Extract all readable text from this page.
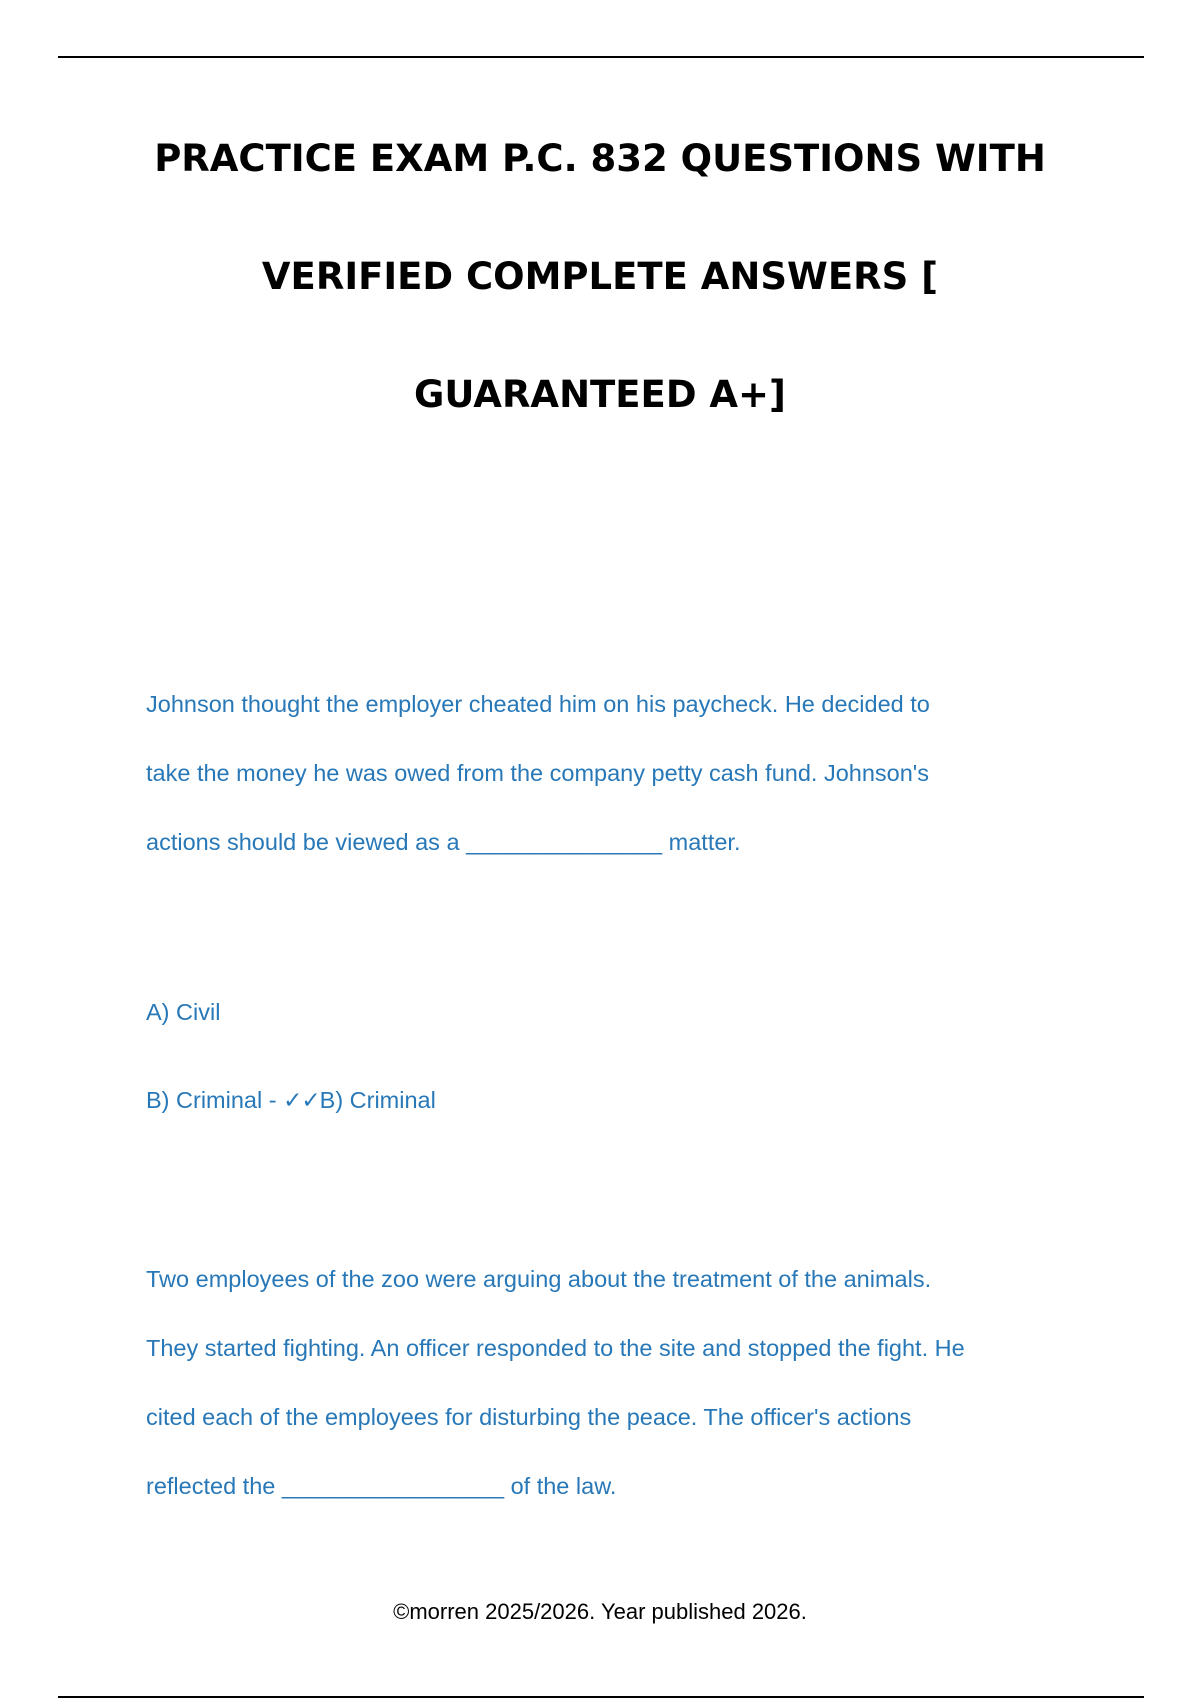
PRACTICE EXAM P.C. 832 QUESTIONS WITH
VERIFIED COMPLETE ANSWERS [
GUARANTEED A+]
Johnson thought the employer cheated him on his paycheck. He decided to
take the money he was owed from the company petty cash fund. Johnson's
actions should be viewed as a _______________ matter.
A) Civil
B) Criminal - ✓✓B) Criminal
Two employees of the zoo were arguing about the treatment of the animals.
They started fighting. An officer responded to the site and stopped the fight. He
cited each of the employees for disturbing the peace. The officer's actions
reflected the _________________ of the law.
©morren 2025/2026. Year published 2026.
